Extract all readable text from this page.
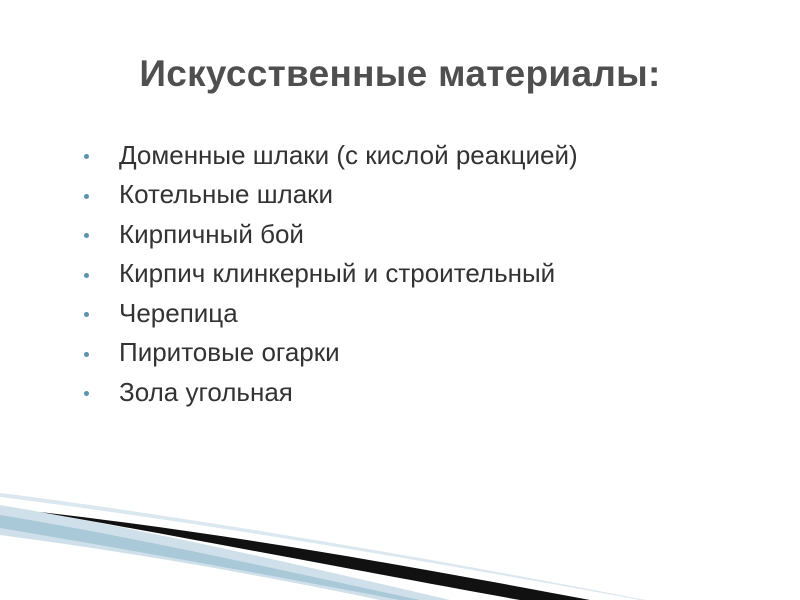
Искусственные материалы:
Доменные шлаки (с кислой реакцией)
Котельные шлаки
Кирпичный бой
Кирпич клинкерный и строительный
Черепица
Пиритовые огарки
Зола угольная
